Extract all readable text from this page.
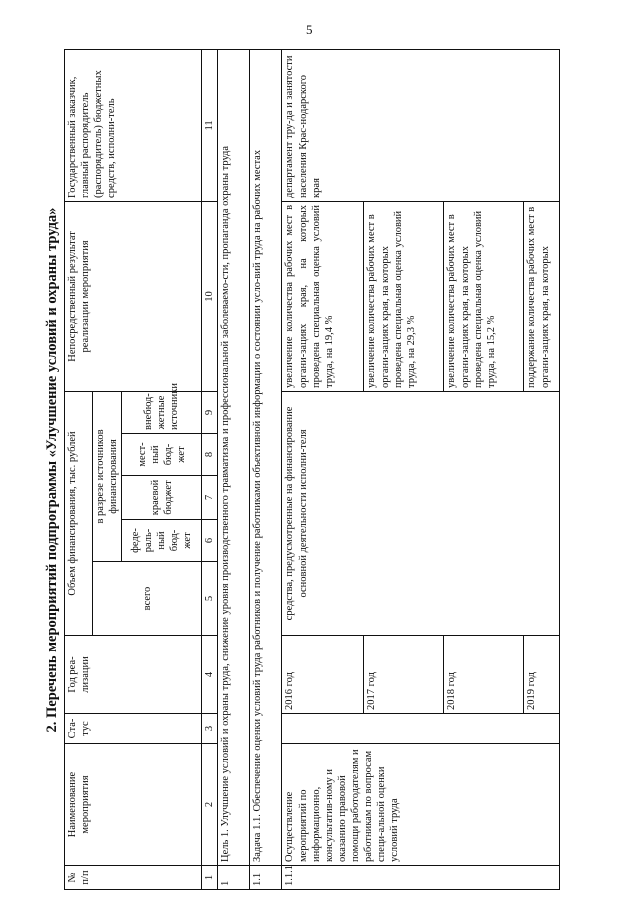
5
2. Перечень мероприятий подпрограммы «Улучшение условий и охраны труда»
№ п/п	Наименование мероприятия	Ста-тус	Год реа-лизации	Объем финансирования, тыс. рублей					Непосредственный результат реализации мероприятия	Государственный заказчик, главный распорядитель (распорядитель) бюджетных средств, исполни-тель
				всего	в разрезе источников финансирования					
					феде-раль-ный бюд-жет	краевой бюджет	мест-ный бюд-жет	внебюд-жетные источники		
1	2	3	4	5	6	7	8	9	10	11
1	Цель 1. Улучшение условий и охраны труда, снижение уровня производственного травматизма и профессиональной заболеваемо-сти, пропаганда охраны труда									
1.1	Задача 1.1. Обеспечение оценки условий труда работников и получение работниками объективной информации о состоянии усло-вий труда на рабочих местах									
1.1.1	Осуществление мероприятий по информационно, консультатив-ному и оказанию правовой помощи работодателям и работникам по вопросам специ-альной оценки условий труда		2016 год	средства, предусмотренные на финансирование основной деятельности исполни-теля					увеличение количества рабочих мест в органи-зациях края, на которых проведена специальная оценка условий труда, на 19,4 %	департамент тру-да и занятости населения Крас-нодарского края
			2017 год						увеличение количества рабочих мест в органи-зациях края, на которых проведена специальная оценка условий труда, на 29,3 %	
			2018 год						увеличение количества рабочих мест в органи-зациях края, на которых проведена специальная оценка условий труда, на 15,2 %	
			2019 год						поддержание количества рабочих мест в органи-зациях края, на которых	
